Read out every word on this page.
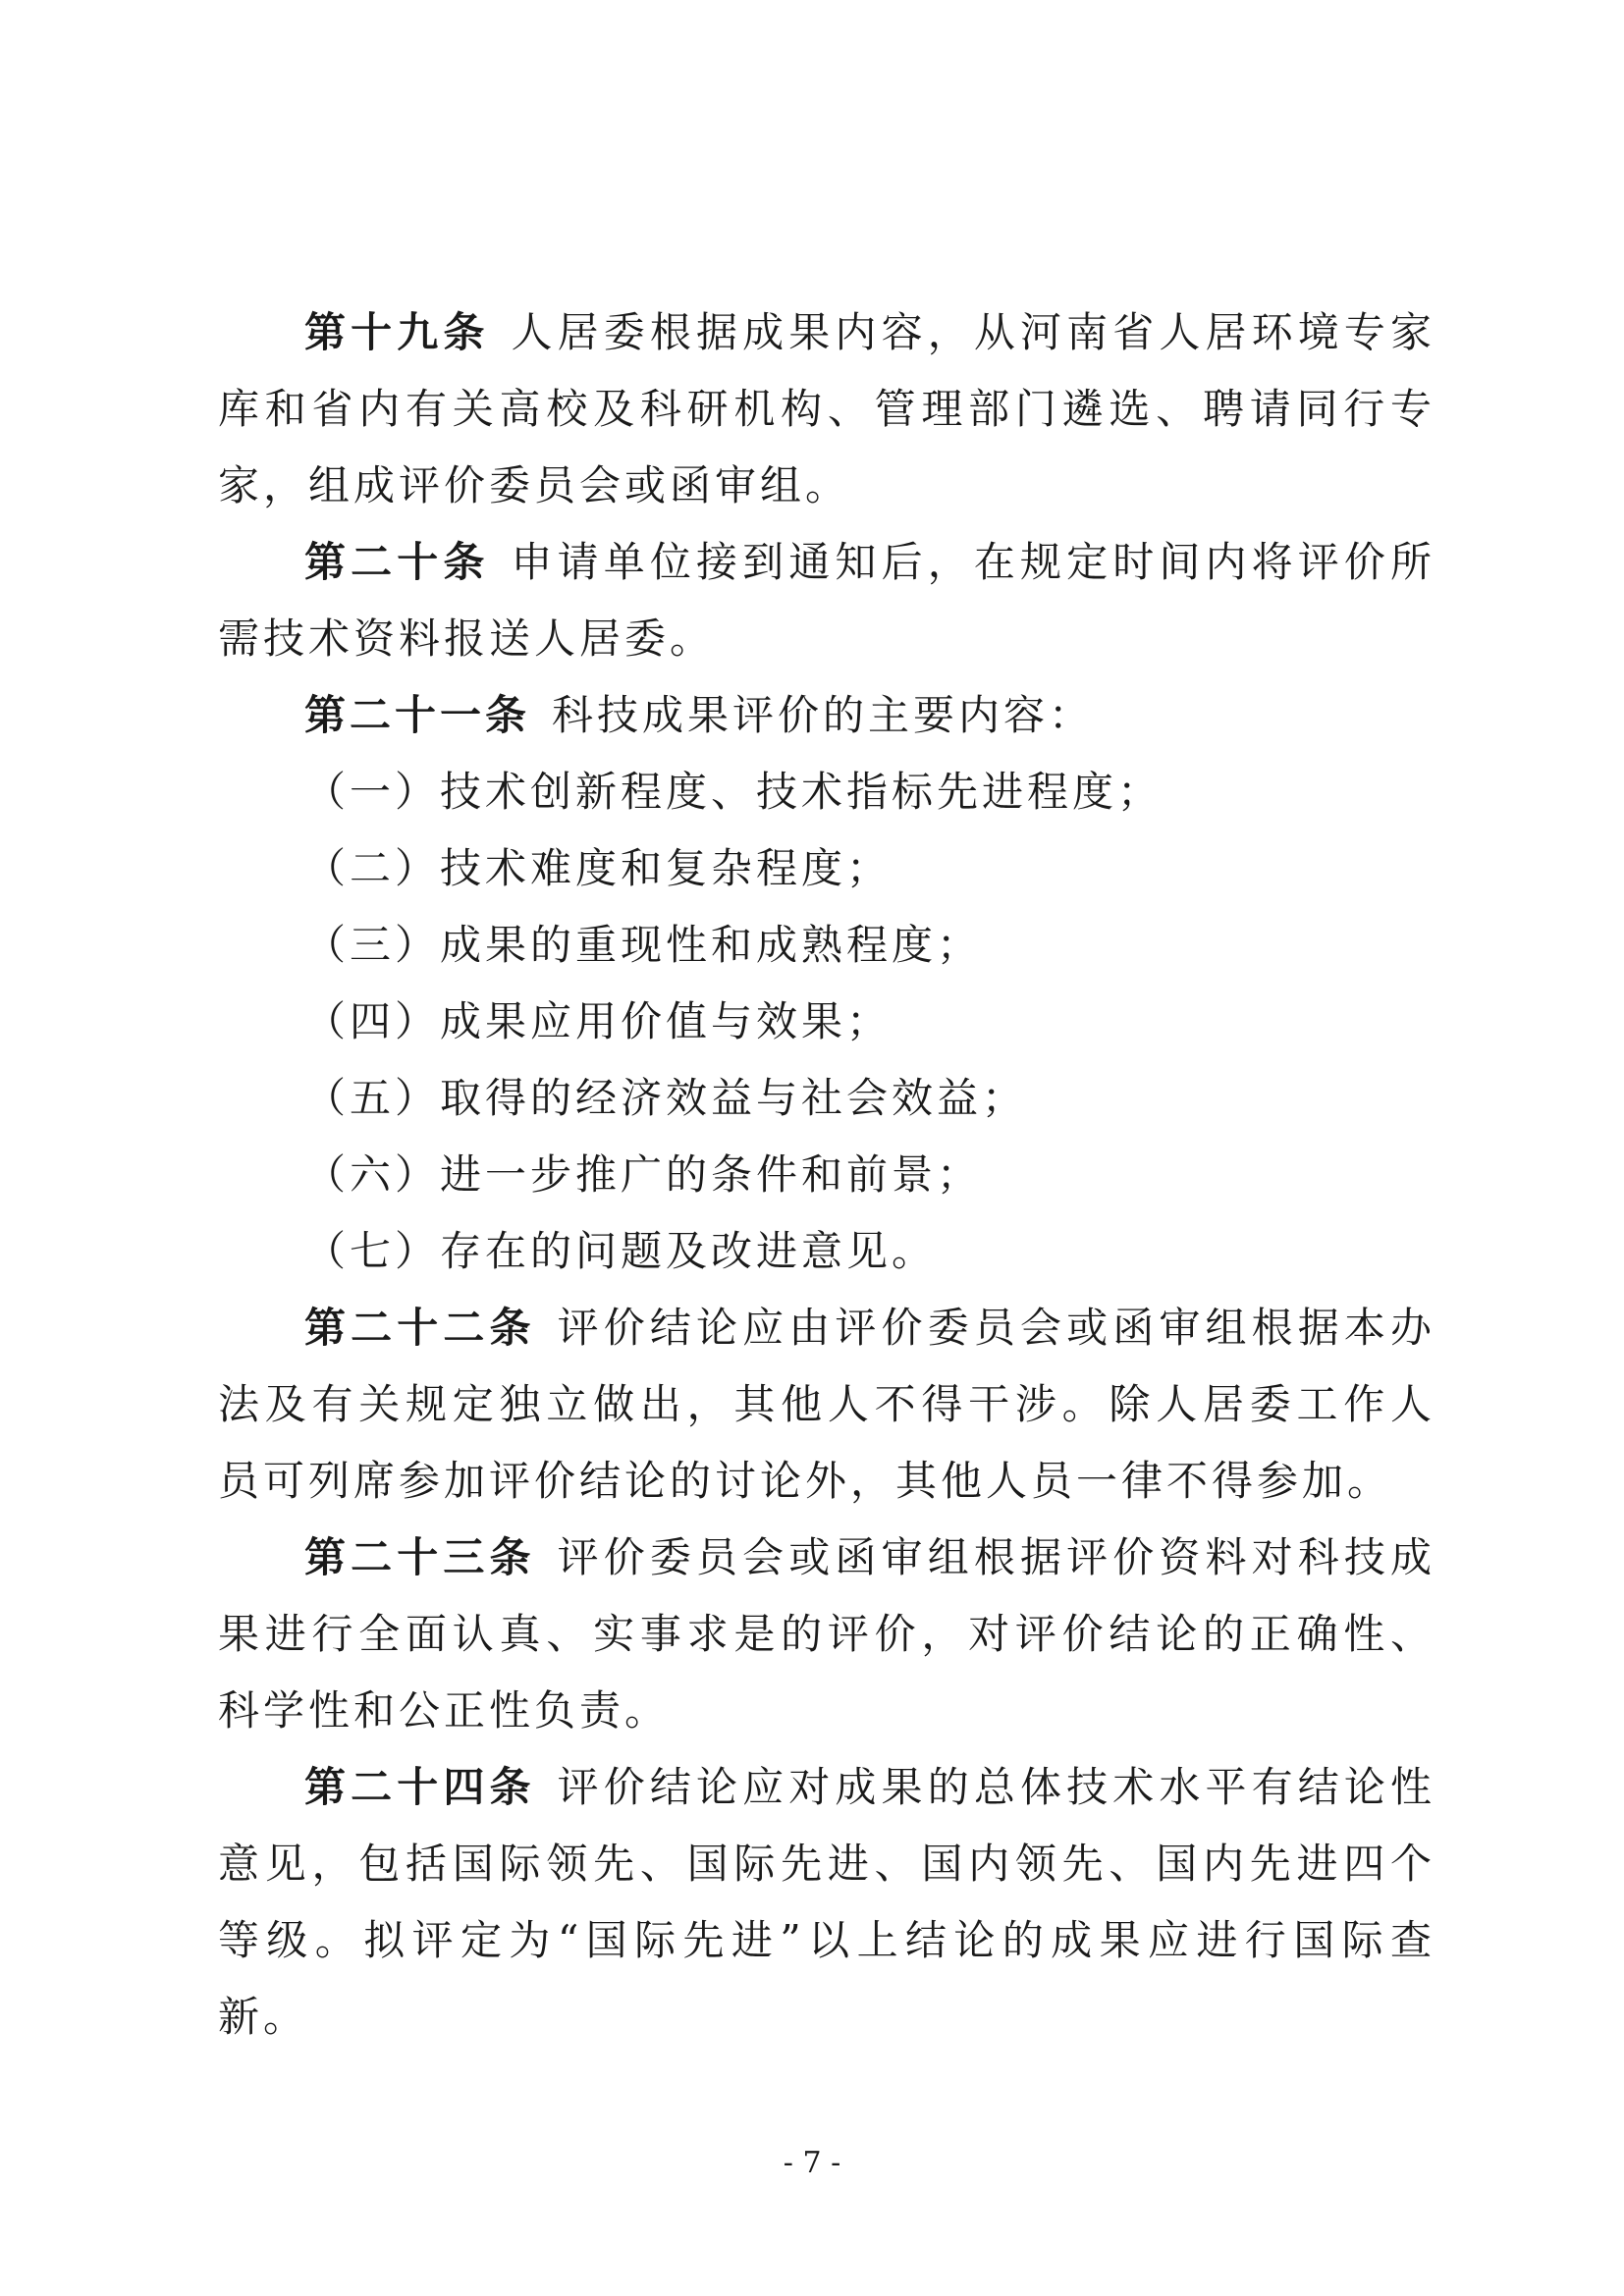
第十九条 人居委根据成果内容，从河南省人居环境专家库和省内有关高校及科研机构、管理部门遴选、聘请同行专家，组成评价委员会或函审组。

第二十条 申请单位接到通知后，在规定时间内将评价所需技术资料报送人居委。

第二十一条 科技成果评价的主要内容：

（一）技术创新程度、技术指标先进程度；

（二）技术难度和复杂程度；

（三）成果的重现性和成熟程度；

（四）成果应用价值与效果；

（五）取得的经济效益与社会效益；

（六）进一步推广的条件和前景；

（七）存在的问题及改进意见。

第二十二条 评价结论应由评价委员会或函审组根据本办法及有关规定独立做出，其他人不得干涉。除人居委工作人员可列席参加评价结论的讨论外，其他人员一律不得参加。

第二十三条 评价委员会或函审组根据评价资料对科技成果进行全面认真、实事求是的评价，对评价结论的正确性、科学性和公正性负责。

第二十四条 评价结论应对成果的总体技术水平有结论性意见，包括国际领先、国际先进、国内领先、国内先进四个等级。拟评定为“国际先进”以上结论的成果应进行国际查新。

- 7 -
